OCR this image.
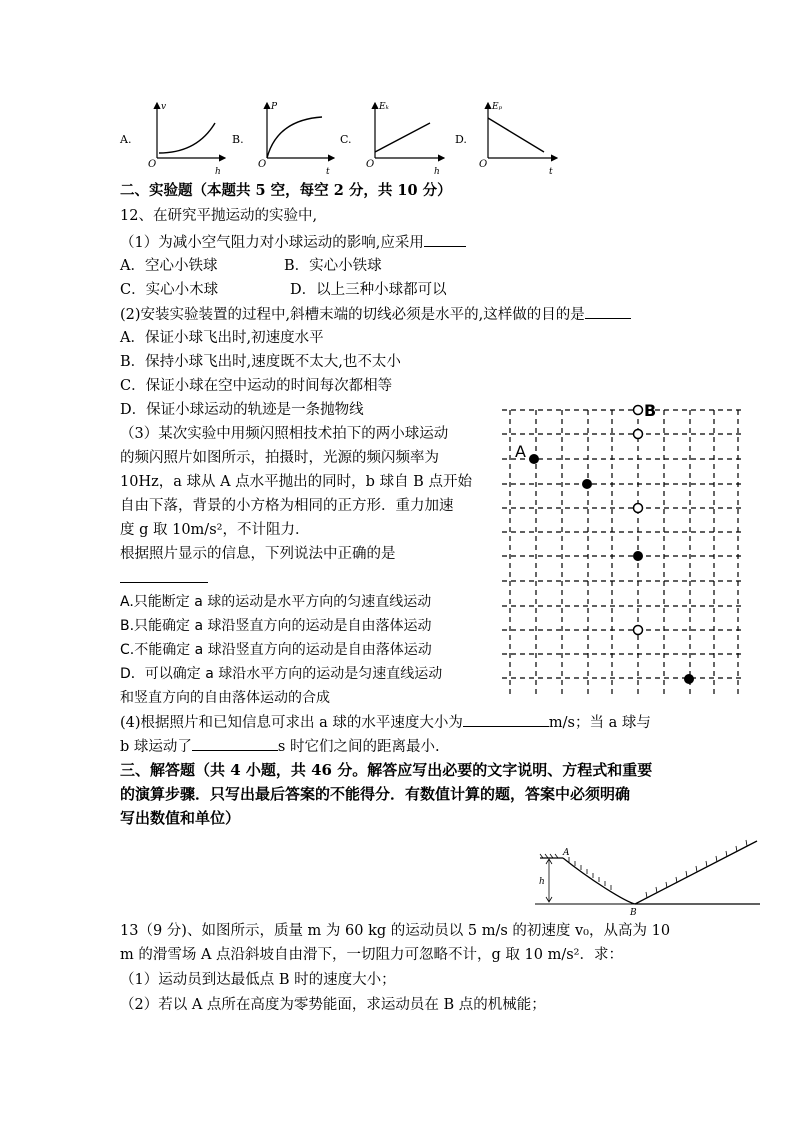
A.
v
O
h
B.
P
O
t
C.
Eₖ
O
h
D.
Eₚ
O
t
二、实验题（本题共 5 空，每空 2 分，共 10 分）
12、在研究平抛运动的实验中,
（1）为减小空气阻力对小球运动的影响,应采用
A．空心小铁球	B．实心小铁球
C．实心小木球	D．以上三种小球都可以
(2)安装实验装置的过程中,斜槽末端的切线必须是水平的,这样做的目的是
A．保证小球飞出时,初速度水平
B．保持小球飞出时,速度既不太大,也不太小
C．保证小球在空中运动的时间每次都相等
D．保证小球运动的轨迹是一条抛物线
（3）某次实验中用频闪照相技术拍下的两小球运动
的频闪照片如图所示，拍摄时，光源的频闪频率为
10Hz，a 球从 A 点水平抛出的同时，b 球自 B 点开始
自由下落，背景的小方格为相同的正方形．重力加速
度 g 取 10m/s²，不计阻力．
根据照片显示的信息，下列说法中正确的是
A.只能断定 a 球的运动是水平方向的匀速直线运动
B.只能确定 a 球沿竖直方向的运动是自由落体运动
C.不能确定 a 球沿竖直方向的运动是自由落体运动
D．可以确定 a 球沿水平方向的运动是匀速直线运动
和竖直方向的自由落体运动的合成
(4)根据照片和已知信息可求出 a 球的水平速度大小为	m/s；当 a 球与
b 球运动了	s 时它们之间的距离最小.
A
B
三、解答题（共 4 小题，共 46 分。解答应写出必要的文字说明、方程式和重要
的演算步骤．只写出最后答案的不能得分．有数值计算的题，答案中必须明确
写出数值和单位）
A
B
h
13（9 分)、如图所示，质量 m 为 60 kg 的运动员以 5 m/s 的初速度 v₀，从高为 10
m 的滑雪场 A 点沿斜坡自由滑下，一切阻力可忽略不计，g 取 10 m/s²．求：
（1）运动员到达最低点 B 时的速度大小；
（2）若以 A 点所在高度为零势能面，求运动员在 B 点的机械能；
